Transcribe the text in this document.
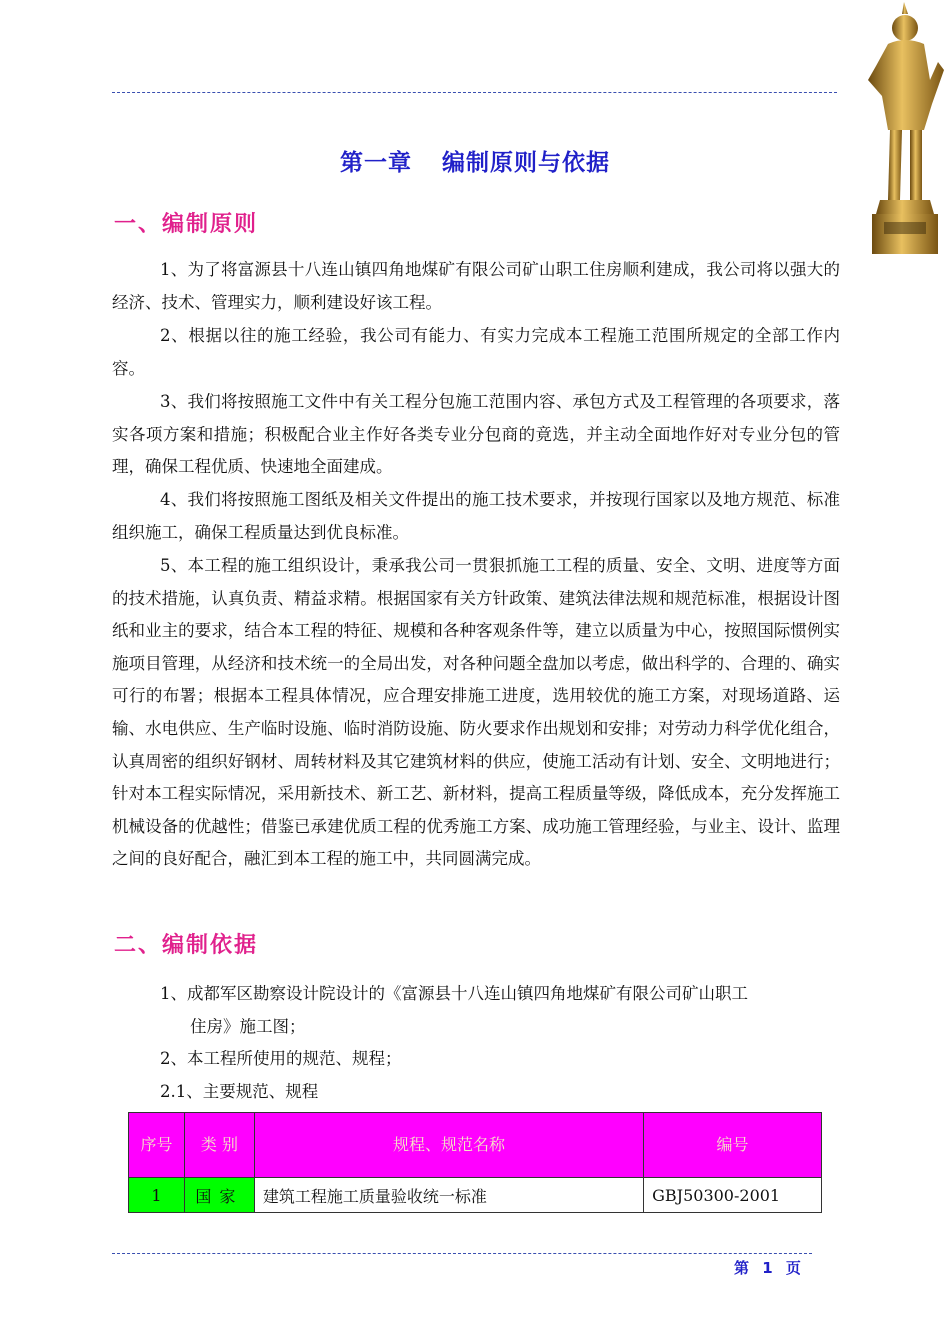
第一章 编制原则与依据
一、编制原则
1、为了将富源县十八连山镇四角地煤矿有限公司矿山职工住房顺利建成，我公司将以强大的经济、技术、管理实力，顺利建设好该工程。
2、根据以往的施工经验，我公司有能力、有实力完成本工程施工范围所规定的全部工作内容。
3、我们将按照施工文件中有关工程分包施工范围内容、承包方式及工程管理的各项要求，落实各项方案和措施；积极配合业主作好各类专业分包商的竟选，并主动全面地作好对专业分包的管理，确保工程优质、快速地全面建成。
4、我们将按照施工图纸及相关文件提出的施工技术要求，并按现行国家以及地方规范、标准组织施工，确保工程质量达到优良标准。
5、本工程的施工组织设计，秉承我公司一贯狠抓施工工程的质量、安全、文明、进度等方面的技术措施，认真负责、精益求精。根据国家有关方针政策、建筑法律法规和规范标准，根据设计图纸和业主的要求，结合本工程的特征、规模和各种客观条件等，建立以质量为中心，按照国际惯例实施项目管理，从经济和技术统一的全局出发，对各种问题全盘加以考虑，做出科学的、合理的、确实可行的布署；根据本工程具体情况，应合理安排施工进度，选用较优的施工方案，对现场道路、运输、水电供应、生产临时设施、临时消防设施、防火要求作出规划和安排；对劳动力科学优化组合，认真周密的组织好钢材、周转材料及其它建筑材料的供应，使施工活动有计划、安全、文明地进行；针对本工程实际情况，采用新技术、新工艺、新材料，提高工程质量等级，降低成本，充分发挥施工机械设备的优越性；借鉴已承建优质工程的优秀施工方案、成功施工管理经验，与业主、设计、监理之间的良好配合，融汇到本工程的施工中，共同圆满完成。
二、编制依据
1、成都军区勘察设计院设计的《富源县十八连山镇四角地煤矿有限公司矿山职工
住房》施工图；
2、本工程所使用的规范、规程；
2.1、主要规范、规程
序号	类 别	规程、规范名称	编号
1	国家	建筑工程施工质量验收统一标准	GBJ50300-2001
第 1 页
